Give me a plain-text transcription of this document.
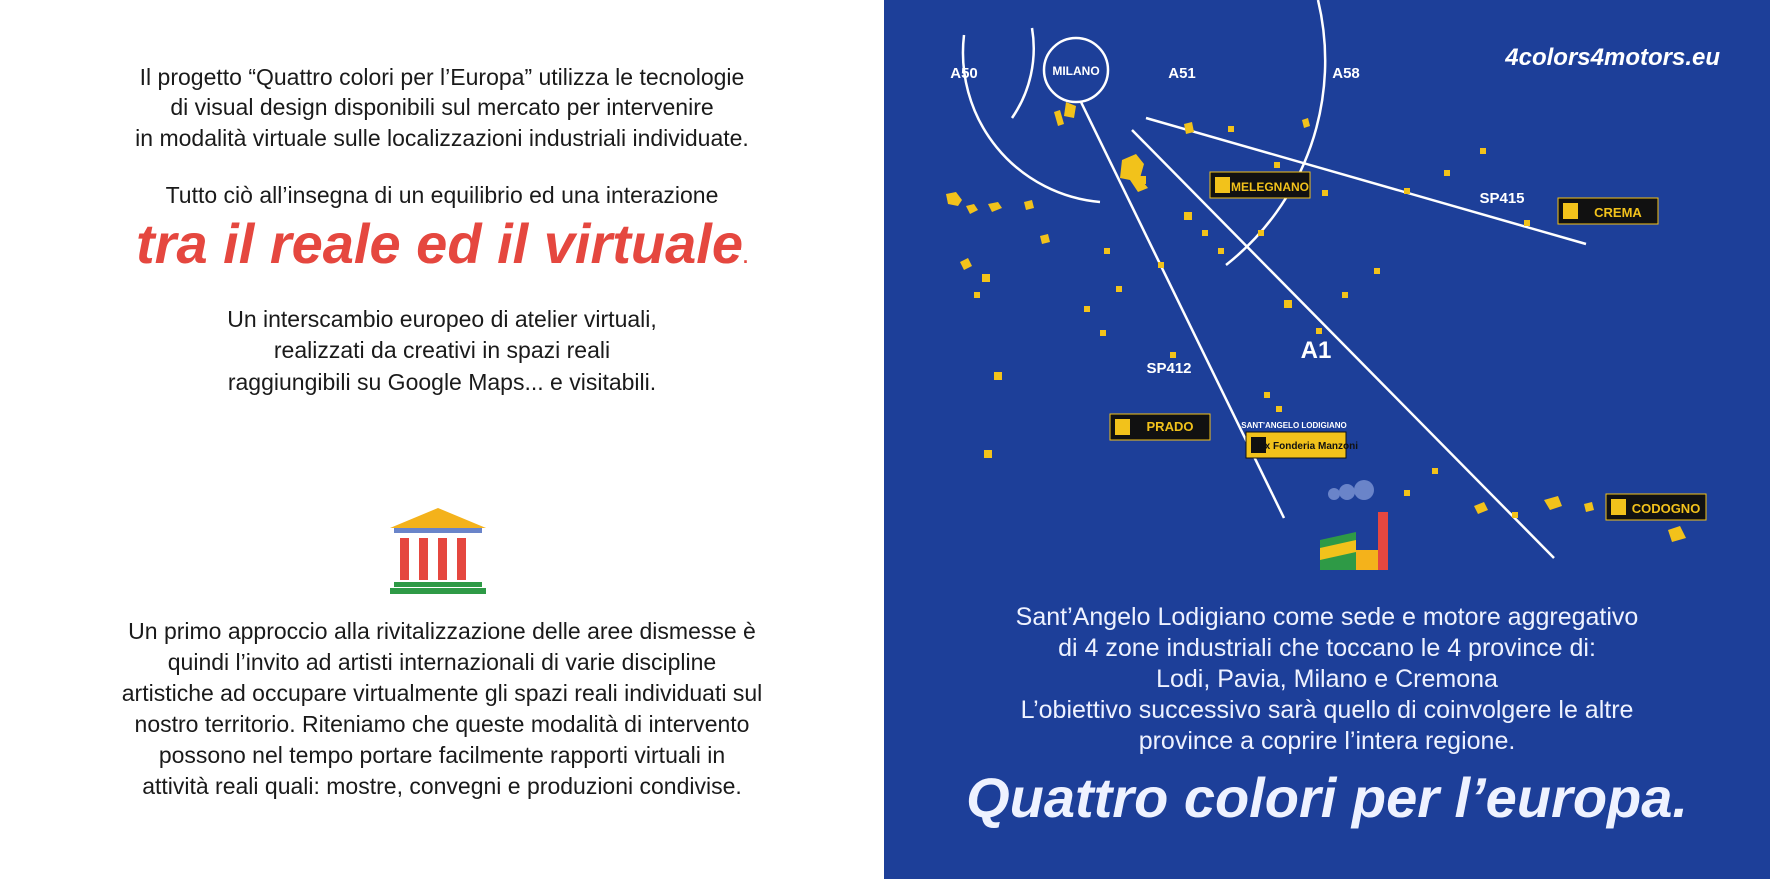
Il progetto “Quattro colori per l’Europa” utilizza le tecnologie

di visual design disponibili sul mercato per intervenire

in modalità virtuale sulle localizzazioni industriali individuate.

Tutto ciò all’insegna di un equilibrio ed una interazione

tra il reale ed il virtuale.

Un interscambio europeo di atelier virtuali,

realizzati da creativi in spazi reali

raggiungibili su Google Maps... e visitabili.

Un primo approccio alla rivitalizzazione delle aree dismesse è

quindi l’invito ad artisti internazionali di varie discipline

artistiche ad occupare virtualmente gli spazi reali individuati sul

nostro territorio. Riteniamo che queste modalità di intervento

possono nel tempo portare facilmente rapporti virtuali in

attività reali quali: mostre, convegni e produzioni condivise.

MILANO
A50	A51	A58
SP415
SP412
A1
MELEGNANO
CREMA
PRADO	SANT'ANGELO LODIGIANO
Ex Fonderia Manzoni
CODOGNO
4colors4motors.eu

Sant’Angelo Lodigiano come sede e motore aggregativo

di 4 zone industriali che toccano le 4 province di:

Lodi, Pavia, Milano e Cremona

L’obiettivo successivo sarà quello di coinvolgere le altre

province a coprire l’intera regione.

Quattro colori per l’europa.
